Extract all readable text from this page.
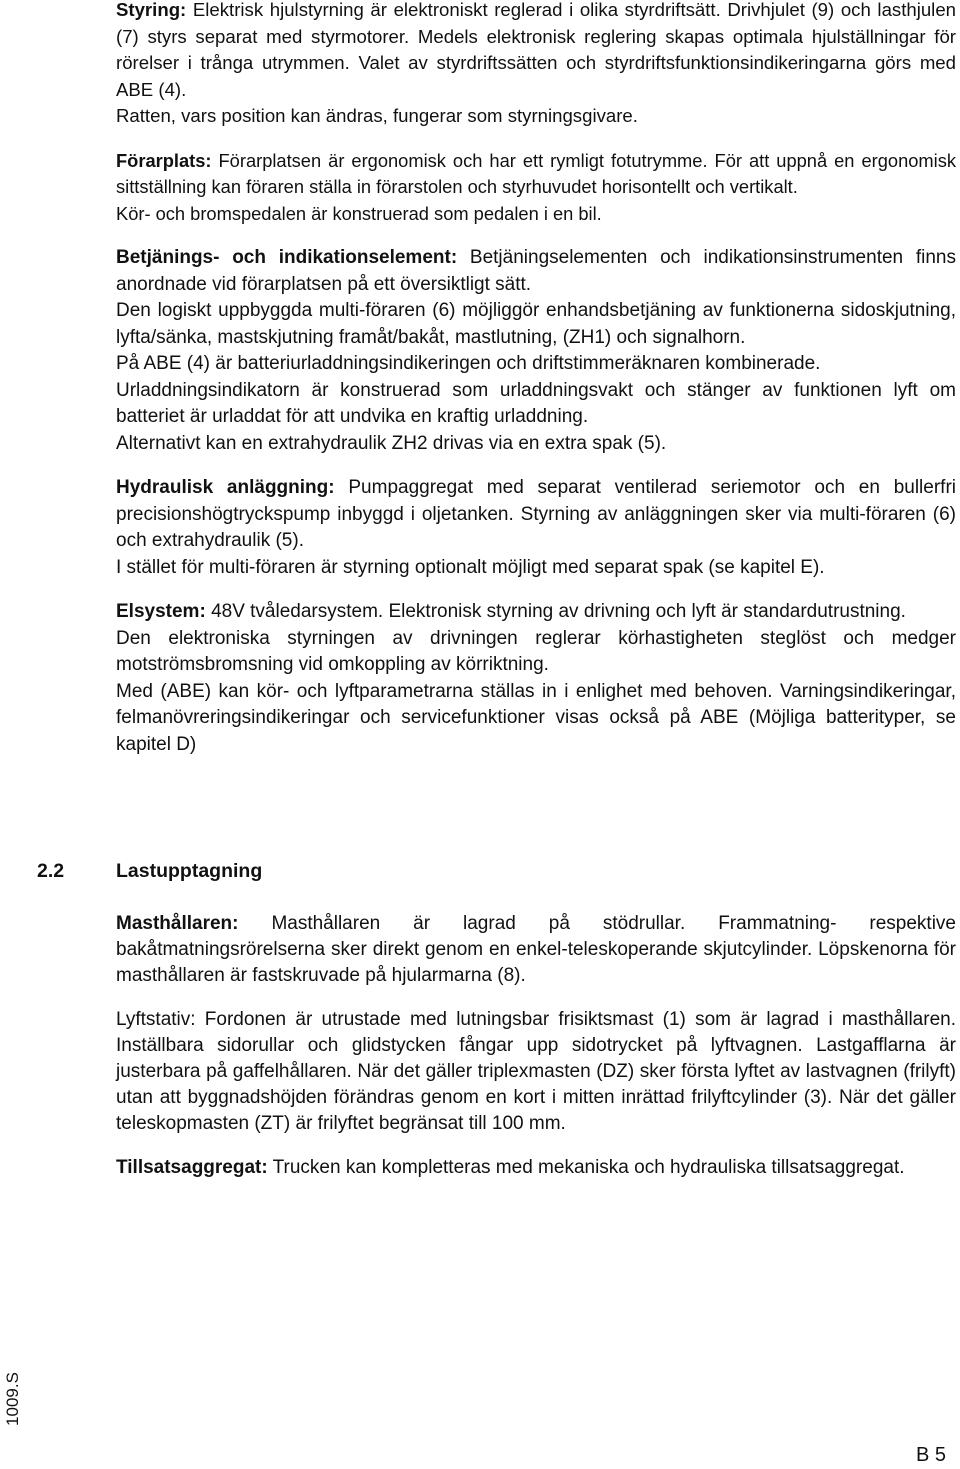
Styring: Elektrisk hjulstyrning är elektroniskt reglerad i olika styrdriftsätt. Drivhjulet (9) och lasthjulen (7) styrs separat med styrmotorer. Medels elektronisk reglering skapas optimala hjulställningar för rörelser i trånga utrymmen. Valet av styrdriftssätten och styrdriftsfunktionsindikeringarna görs med ABE (4).

Ratten, vars position kan ändras, fungerar som styrningsgivare.

Förarplats: Förarplatsen är ergonomisk och har ett rymligt fotutrymme. För att uppnå en ergonomisk sittställning kan föraren ställa in förarstolen och styrhuvudet horisontellt och vertikalt.

Kör- och bromspedalen är konstruerad som pedalen i en bil.

Betjänings- och indikationselement: Betjäningselementen och indikationsinstrumenten finns anordnade vid förarplatsen på ett översiktligt sätt.

Den logiskt uppbyggda multi-föraren (6) möjliggör enhandsbetjäning av funktionerna sidoskjutning, lyfta/sänka, mastskjutning framåt/bakåt, mastlutning, (ZH1) och signalhorn.

På ABE (4) är batteriurladdningsindikeringen och driftstimmeräknaren kombinerade.

Urladdningsindikatorn är konstruerad som urladdningsvakt och stänger av funktionen lyft om batteriet är urladdat för att undvika en kraftig urladdning.

Alternativt kan en extrahydraulik ZH2 drivas via en extra spak (5).

Hydraulisk anläggning: Pumpaggregat med separat ventilerad seriemotor och en bullerfri precisionshögtryckspump inbyggd i oljetanken. Styrning av anläggningen sker via multi-föraren (6) och extrahydraulik (5).

I stället för multi-föraren är styrning optionalt möjligt med separat spak (se kapitel E).

Elsystem: 48V tvåledarsystem. Elektronisk styrning av drivning och lyft är standardutrustning.

Den elektroniska styrningen av drivningen reglerar körhastigheten steglöst och medger motströmsbromsning vid omkoppling av körriktning.

Med (ABE) kan kör- och lyftparametrarna ställas in i enlighet med behoven. Varningsindikeringar, felmanövreringsindikeringar och servicefunktioner visas också på ABE (Möjliga batterityper, se kapitel D)

2.2	Lastupptagning

Masthållaren: Masthållaren är lagrad på stödrullar. Frammatning- respektive bakåtmatningsrörelserna sker direkt genom en enkel-teleskoperande skjutcylinder. Löpskenorna för masthållaren är fastskruvade på hjularmarna (8).

Lyftstativ: Fordonen är utrustade med lutningsbar frisiktsmast (1) som är lagrad i masthållaren. Inställbara sidorullar och glidstycken fångar upp sidotrycket på lyftvagnen. Lastgafflarna är justerbara på gaffelhållaren. När det gäller triplexmasten (DZ) sker första lyftet av lastvagnen (frilyft) utan att byggnadshöjden förändras genom en kort i mitten inrättad frilyftcylinder (3). När det gäller teleskopmasten (ZT) är frilyftet begränsat till 100 mm.

Tillsatsaggregat: Trucken kan kompletteras med mekaniska och hydrauliska tillsatsaggregat.

1009.S
B 5
